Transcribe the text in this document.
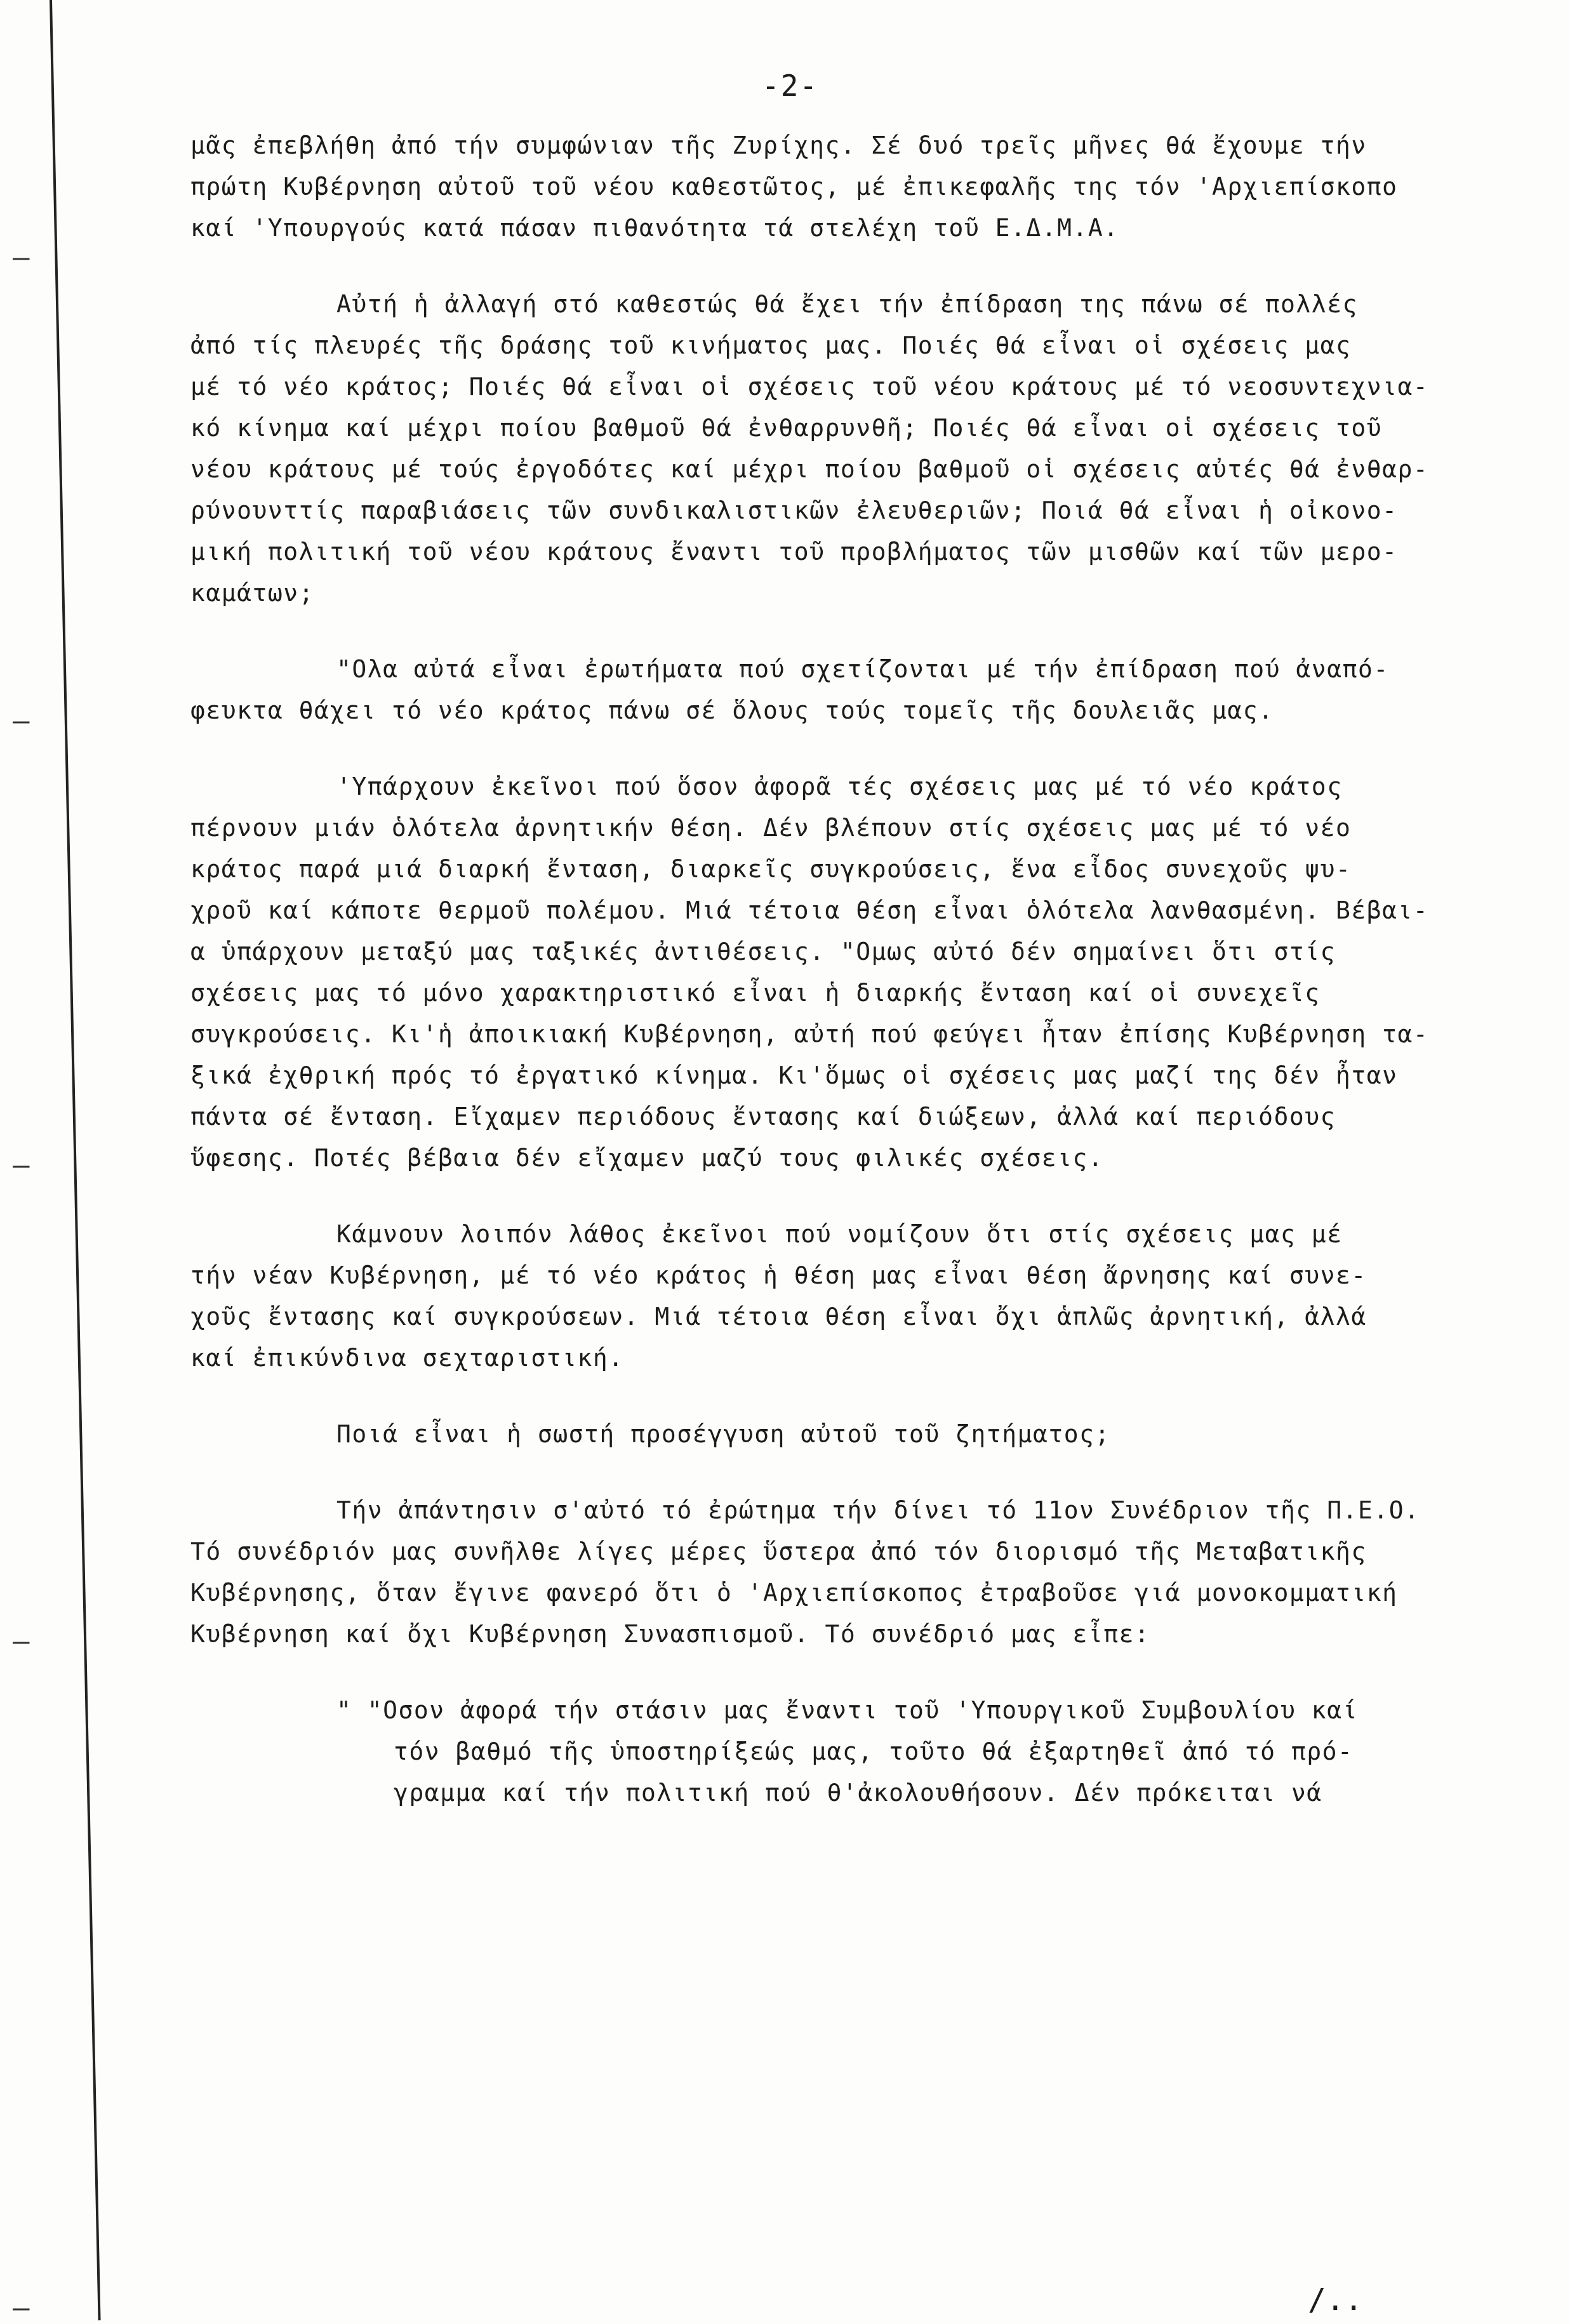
—
—
—
—
—
-2-
μᾶς ἐπεβλήθη ἀπό τήν συμφώνιαν τῆς Ζυρίχης. Σέ δυό τρεῖς μῆνες θά ἔχουμε τήν
πρώτη Κυβέρνηση αὐτοῦ τοῦ νέου καθεστῶτος, μέ ἐπικεφαλῆς της τόν 'Αρχιεπίσκοπο
καί 'Υπουργούς κατά πάσαν πιθανότητα τά στελέχη τοῦ Ε.Δ.Μ.Α.
Αὐτή ἡ ἀλλαγή στό καθεστώς θά ἔχει τήν ἐπίδραση της πάνω σέ πολλές
ἀπό τίς πλευρές τῆς δράσης τοῦ κινήματος μας. Ποιές θά εἶναι οἱ σχέσεις μας
μέ τό νέο κράτος; Ποιές θά εἶναι οἱ σχέσεις τοῦ νέου κράτους μέ τό νεοσυντεχνια-
κό κίνημα καί μέχρι ποίου βαθμοῦ θά ἐνθαρρυνθῆ; Ποιές θά εἶναι οἱ σχέσεις τοῦ
νέου κράτους μέ τούς ἐργοδότες καί μέχρι ποίου βαθμοῦ οἱ σχέσεις αὐτές θά ἐνθαρ-
ρύνουνττίς παραβιάσεις τῶν συνδικαλιστικῶν ἐλευθεριῶν; Ποιά θά εἶναι ἡ οἰκονο-
μική πολιτική τοῦ νέου κράτους ἔναντι τοῦ προβλήματος τῶν μισθῶν καί τῶν μερο-
καμάτων;
"Ολα αὐτά εἶναι ἐρωτήματα πού σχετίζονται μέ τήν ἐπίδραση πού ἀναπό-
φευκτα θάχει τό νέο κράτος πάνω σέ ὅλους τούς τομεῖς τῆς δουλειᾶς μας.
'Υπάρχουν ἐκεῖνοι πού ὅσον ἀφορᾶ τές σχέσεις μας μέ τό νέο κράτος
πέρνουν μιάν ὁλότελα ἀρνητικήν θέση. Δέν βλέπουν στίς σχέσεις μας μέ τό νέο
κράτος παρά μιά διαρκή ἔνταση, διαρκεῖς συγκρούσεις, ἕνα εἶδος συνεχοῦς ψυ-
χροῦ καί κάποτε θερμοῦ πολέμου. Μιά τέτοια θέση εἶναι ὁλότελα λανθασμένη. Βέβαι-
α ὑπάρχουν μεταξύ μας ταξικές ἀντιθέσεις. "Ομως αὐτό δέν σημαίνει ὅτι στίς
σχέσεις μας τό μόνο χαρακτηριστικό εἶναι ἡ διαρκής ἔνταση καί οἱ συνεχεῖς
συγκρούσεις. Κι'ἡ ἀποικιακή Κυβέρνηση, αὐτή πού φεύγει ἦταν ἐπίσης Κυβέρνηση τα-
ξικά ἐχθρική πρός τό ἐργατικό κίνημα. Κι'ὅμως οἱ σχέσεις μας μαζί της δέν ἦταν
πάντα σέ ἔνταση. Εἴχαμεν περιόδους ἔντασης καί διώξεων, ἀλλά καί περιόδους
ὕφεσης. Ποτές βέβαια δέν εἴχαμεν μαζύ τους φιλικές σχέσεις.
Κάμνουν λοιπόν λάθος ἐκεῖνοι πού νομίζουν ὅτι στίς σχέσεις μας μέ
τήν νέαν Κυβέρνηση, μέ τό νέο κράτος ἡ θέση μας εἶναι θέση ἄρνησης καί συνε-
χοῦς ἔντασης καί συγκρούσεων. Μιά τέτοια θέση εἶναι ὄχι ἁπλῶς ἀρνητική, ἀλλά
καί ἐπικύνδινα σεχταριστική.
Ποιά εἶναι ἡ σωστή προσέγγυση αὐτοῦ τοῦ ζητήματος;
Τήν ἀπάντησιν σ'αὐτό τό ἐρώτημα τήν δίνει τό 11ον Συνέδριον τῆς Π.Ε.Ο.
Τό συνέδριόν μας συνῆλθε λίγες μέρες ὕστερα ἀπό τόν διορισμό τῆς Μεταβατικῆς
Κυβέρνησης, ὅταν ἔγινε φανερό ὅτι ὁ 'Αρχιεπίσκοπος ἐτραβοῦσε γιά μονοκομματική
Κυβέρνηση καί ὄχι Κυβέρνηση Συνασπισμοῦ. Τό συνέδριό μας εἶπε:
" "Οσον ἀφορά τήν στάσιν μας ἔναντι τοῦ 'Υπουργικοῦ Συμβουλίου καί
τόν βαθμό τῆς ὑποστηρίξεώς μας, τοῦτο θά ἐξαρτηθεῖ ἀπό τό πρό-
γραμμα καί τήν πολιτική πού θ'ἀκολουθήσουν. Δέν πρόκειται νά
/..
